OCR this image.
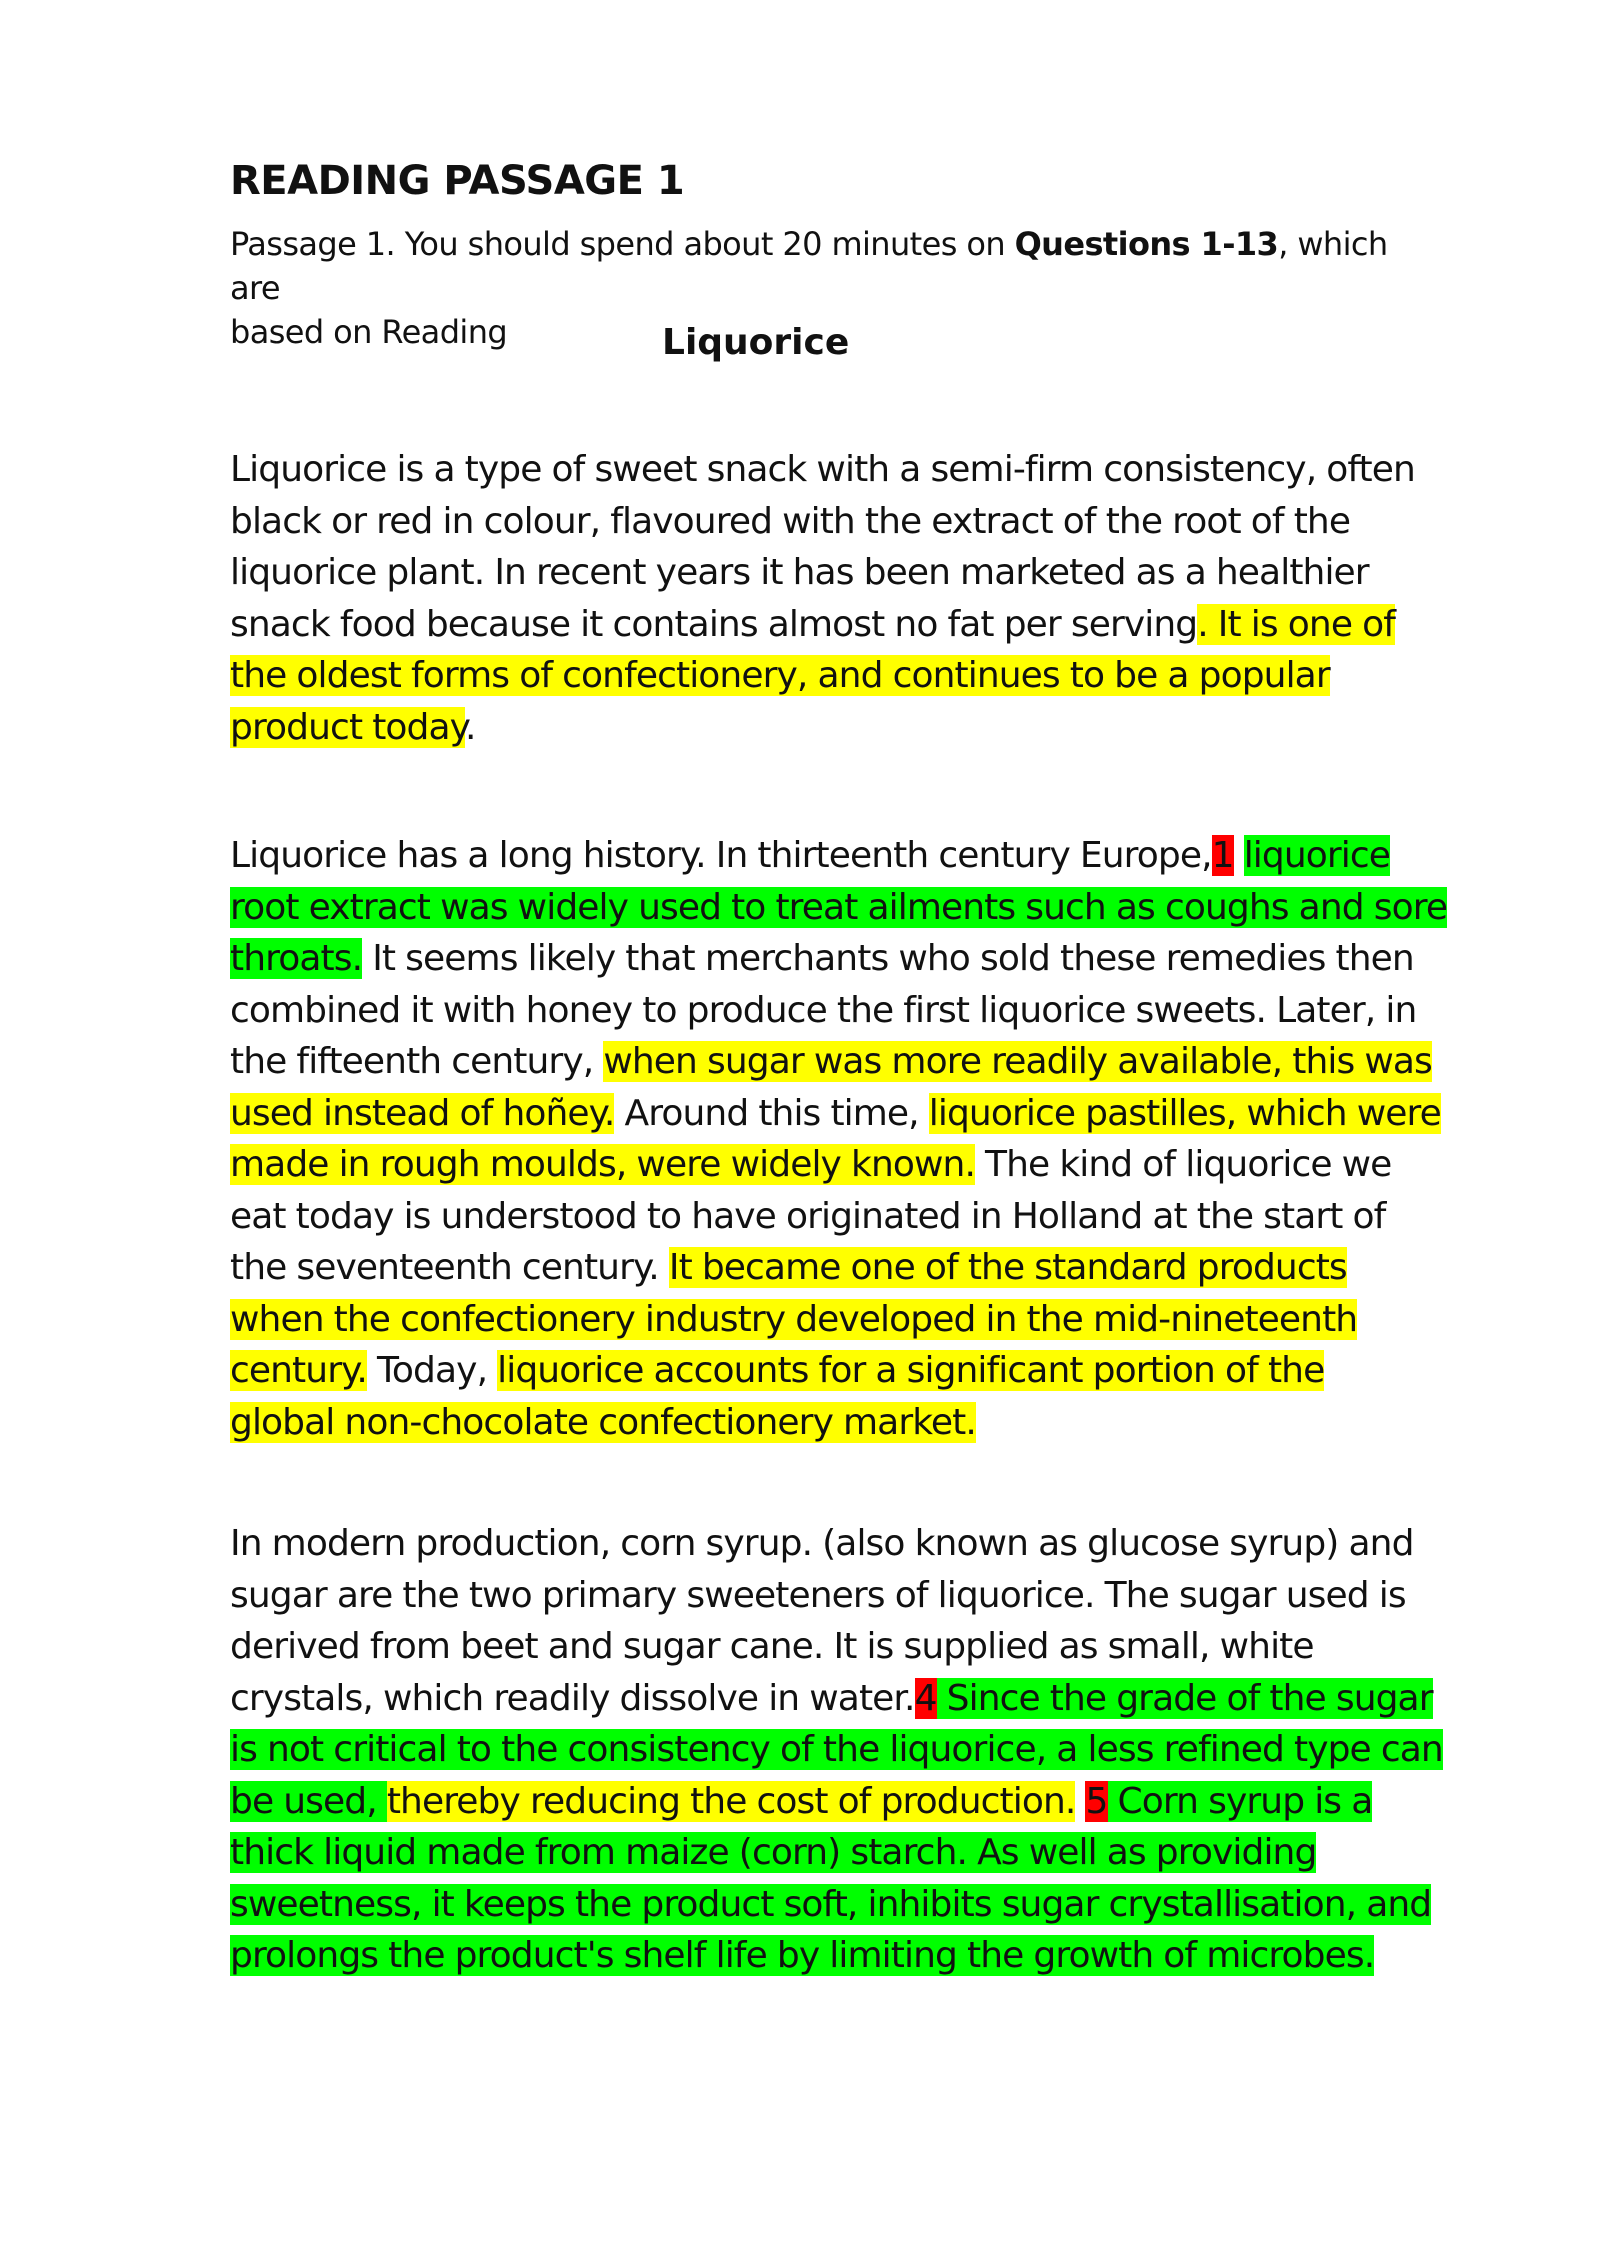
READING PASSAGE 1

Passage 1. You should spend about 20 minutes on Questions 1-13, which are
based on Reading	Liquorice
Liquorice is a type of sweet snack with a semi-firm consistency, often
black or red in colour, flavoured with the extract of the root of the
liquorice plant. In recent years it has been marketed as a healthier
snack food because it contains almost no fat per serving. It is one of
the oldest forms of confectionery, and continues to be a popular
product today.
Liquorice has a long history. In thirteenth century Europe,1 liquorice
root extract was widely used to treat ailments such as coughs and sore
throats. It seems likely that merchants who sold these remedies then
combined it with honey to produce the first liquorice sweets. Later, in
the fifteenth century, when sugar was more readily available, this was
used instead of hoñey. Around this time, liquorice pastilles, which were
made in rough moulds, were widely known. The kind of liquorice we
eat today is understood to have originated in Holland at the start of
the seventeenth century. It became one of the standard products
when the confectionery industry developed in the mid-nineteenth
century. Today, liquorice accounts for a significant portion of the
global non-chocolate confectionery market.
In modern production, corn syrup. (also known as glucose syrup) and
sugar are the two primary sweeteners of liquorice. The sugar used is
derived from beet and sugar cane. It is supplied as small, white
crystals, which readily dissolve in water.4 Since the grade of the sugar
is not critical to the consistency of the liquorice, a less refined type can
be used, thereby reducing the cost of production. 5 Corn syrup is a
thick liquid made from maize (corn) starch. As well as providing
sweetness, it keeps the product soft, inhibits sugar crystallisation, and
prolongs the product's shelf life by limiting the growth of microbes.
